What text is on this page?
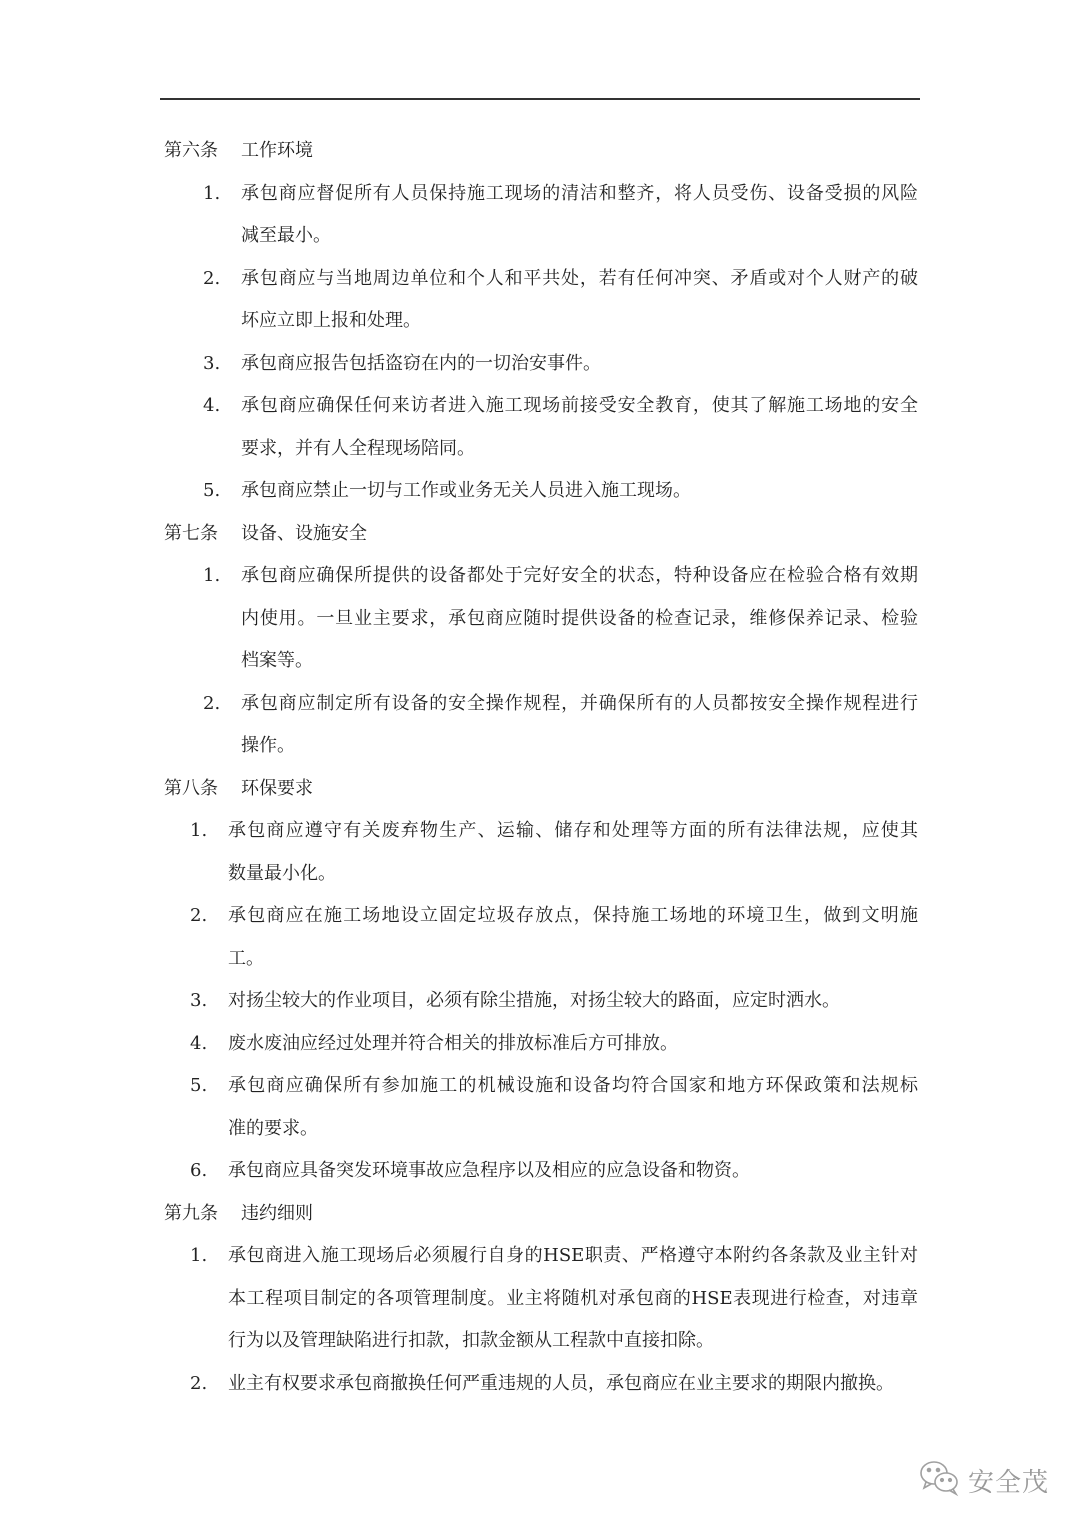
第六条 工作环境
1. 承包商应督促所有人员保持施工现场的清洁和整齐，将人员受伤、设备受损的风险
减至最小。
2. 承包商应与当地周边单位和个人和平共处，若有任何冲突、矛盾或对个人财产的破
坏应立即上报和处理。
3. 承包商应报告包括盗窃在内的一切治安事件。
4. 承包商应确保任何来访者进入施工现场前接受安全教育，使其了解施工场地的安全
要求，并有人全程现场陪同。
5. 承包商应禁止一切与工作或业务无关人员进入施工现场。
第七条 设备、设施安全
1. 承包商应确保所提供的设备都处于完好安全的状态，特种设备应在检验合格有效期
内使用。一旦业主要求，承包商应随时提供设备的检查记录，维修保养记录、检验
档案等。
2. 承包商应制定所有设备的安全操作规程，并确保所有的人员都按安全操作规程进行
操作。
第八条 环保要求
1. 承包商应遵守有关废弃物生产、运输、储存和处理等方面的所有法律法规，应使其
数量最小化。
2. 承包商应在施工场地设立固定垃圾存放点，保持施工场地的环境卫生，做到文明施
工。
3. 对扬尘较大的作业项目，必须有除尘措施，对扬尘较大的路面，应定时洒水。
4. 废水废油应经过处理并符合相关的排放标准后方可排放。
5. 承包商应确保所有参加施工的机械设施和设备均符合国家和地方环保政策和法规标
准的要求。
6. 承包商应具备突发环境事故应急程序以及相应的应急设备和物资。
第九条 违约细则
1. 承包商进入施工现场后必须履行自身的HSE职责、严格遵守本附约各条款及业主针对
本工程项目制定的各项管理制度。业主将随机对承包商的HSE表现进行检查，对违章
行为以及管理缺陷进行扣款，扣款金额从工程款中直接扣除。
2. 业主有权要求承包商撤换任何严重违规的人员，承包商应在业主要求的期限内撤换。
安全茂
